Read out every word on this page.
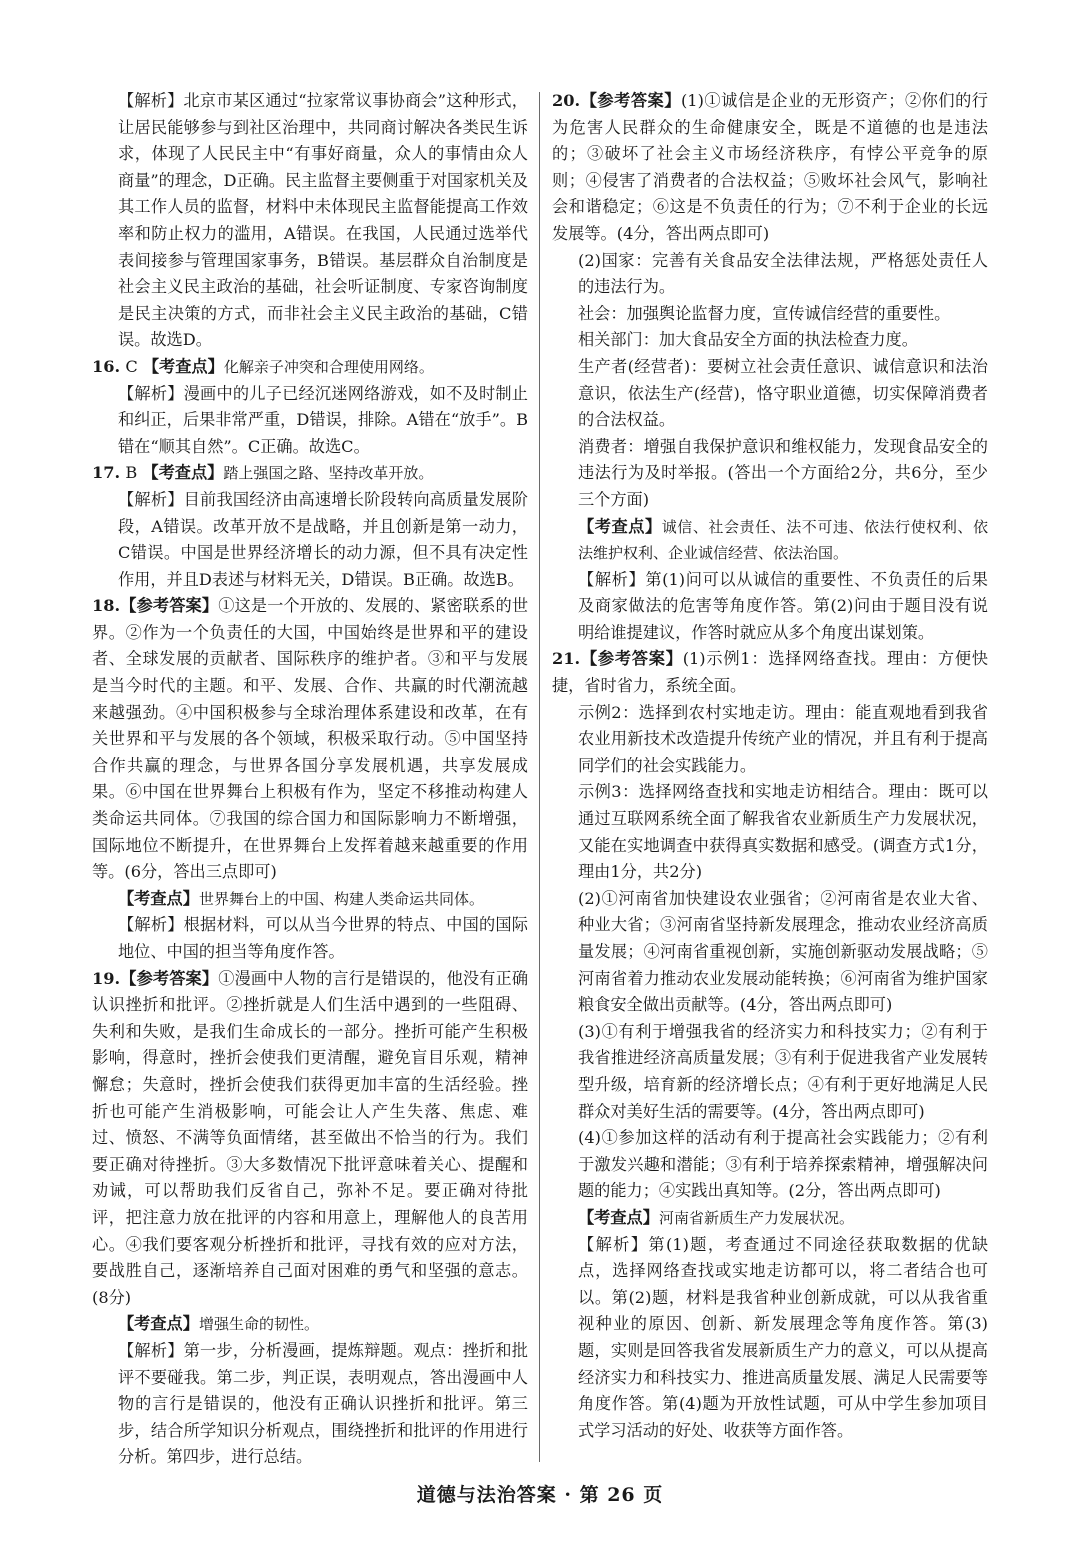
【解析】北京市某区通过“拉家常议事协商会”这种形式，让居民能够参与到社区治理中，共同商讨解决各类民生诉求，体现了人民民主中“有事好商量，众人的事情由众人商量”的理念，D正确。民主监督主要侧重于对国家机关及其工作人员的监督，材料中未体现民主监督能提高工作效率和防止权力的滥用，A错误。在我国，人民通过选举代表间接参与管理国家事务，B错误。基层群众自治制度是社会主义民主政治的基础，社会听证制度、专家咨询制度是民主决策的方式，而非社会主义民主政治的基础，C错误。故选D。

16. C 【考查点】化解亲子冲突和合理使用网络。

【解析】漫画中的儿子已经沉迷网络游戏，如不及时制止和纠正，后果非常严重，D错误，排除。A错在“放手”。B错在“顺其自然”。C正确。故选C。

17. B 【考查点】踏上强国之路、坚持改革开放。

【解析】目前我国经济由高速增长阶段转向高质量发展阶段，A错误。改革开放不是战略，并且创新是第一动力，C错误。中国是世界经济增长的动力源，但不具有决定性作用，并且D表述与材料无关，D错误。B正确。故选B。

18.【参考答案】①这是一个开放的、发展的、紧密联系的世界。②作为一个负责任的大国，中国始终是世界和平的建设者、全球发展的贡献者、国际秩序的维护者。③和平与发展是当今时代的主题。和平、发展、合作、共赢的时代潮流越来越强劲。④中国积极参与全球治理体系建设和改革，在有关世界和平与发展的各个领域，积极采取行动。⑤中国坚持合作共赢的理念，与世界各国分享发展机遇，共享发展成果。⑥中国在世界舞台上积极有作为，坚定不移推动构建人类命运共同体。⑦我国的综合国力和国际影响力不断增强，国际地位不断提升，在世界舞台上发挥着越来越重要的作用等。(6分，答出三点即可)

【考查点】世界舞台上的中国、构建人类命运共同体。

【解析】根据材料，可以从当今世界的特点、中国的国际地位、中国的担当等角度作答。

19.【参考答案】①漫画中人物的言行是错误的，他没有正确认识挫折和批评。②挫折就是人们生活中遇到的一些阻碍、失利和失败，是我们生命成长的一部分。挫折可能产生积极影响，得意时，挫折会使我们更清醒，避免盲目乐观，精神懈怠；失意时，挫折会使我们获得更加丰富的生活经验。挫折也可能产生消极影响，可能会让人产生失落、焦虑、难过、愤怒、不满等负面情绪，甚至做出不恰当的行为。我们要正确对待挫折。③大多数情况下批评意味着关心、提醒和劝诫，可以帮助我们反省自己，弥补不足。要正确对待批评，把注意力放在批评的内容和用意上，理解他人的良苦用心。④我们要客观分析挫折和批评，寻找有效的应对方法，要战胜自己，逐渐培养自己面对困难的勇气和坚强的意志。(8分)

【考查点】增强生命的韧性。

【解析】第一步，分析漫画，提炼辩题。观点：挫折和批评不要碰我。第二步，判正误，表明观点，答出漫画中人物的言行是错误的，他没有正确认识挫折和批评。第三步，结合所学知识分析观点，围绕挫折和批评的作用进行分析。第四步，进行总结。

20.【参考答案】(1)①诚信是企业的无形资产；②你们的行为危害人民群众的生命健康安全，既是不道德的也是违法的；③破坏了社会主义市场经济秩序，有悖公平竞争的原则；④侵害了消费者的合法权益；⑤败坏社会风气，影响社会和谐稳定；⑥这是不负责任的行为；⑦不利于企业的长远发展等。(4分，答出两点即可)

(2)国家：完善有关食品安全法律法规，严格惩处责任人的违法行为。

社会：加强舆论监督力度，宣传诚信经营的重要性。

相关部门：加大食品安全方面的执法检查力度。

生产者(经营者)：要树立社会责任意识、诚信意识和法治意识，依法生产(经营)，恪守职业道德，切实保障消费者的合法权益。

消费者：增强自我保护意识和维权能力，发现食品安全的违法行为及时举报。(答出一个方面给2分，共6分，至少三个方面)

【考查点】诚信、社会责任、法不可违、依法行使权利、依法维护权利、企业诚信经营、依法治国。

【解析】第(1)问可以从诚信的重要性、不负责任的后果及商家做法的危害等角度作答。第(2)问由于题目没有说明给谁提建议，作答时就应从多个角度出谋划策。

21.【参考答案】(1)示例1：选择网络查找。理由：方便快捷，省时省力，系统全面。

示例2：选择到农村实地走访。理由：能直观地看到我省农业用新技术改造提升传统产业的情况，并且有利于提高同学们的社会实践能力。

示例3：选择网络查找和实地走访相结合。理由：既可以通过互联网系统全面了解我省农业新质生产力发展状况，又能在实地调查中获得真实数据和感受。(调查方式1分，理由1分，共2分)

(2)①河南省加快建设农业强省；②河南省是农业大省、种业大省；③河南省坚持新发展理念，推动农业经济高质量发展；④河南省重视创新，实施创新驱动发展战略；⑤河南省着力推动农业发展动能转换；⑥河南省为维护国家粮食安全做出贡献等。(4分，答出两点即可)

(3)①有利于增强我省的经济实力和科技实力；②有利于我省推进经济高质量发展；③有利于促进我省产业发展转型升级，培育新的经济增长点；④有利于更好地满足人民群众对美好生活的需要等。(4分，答出两点即可)

(4)①参加这样的活动有利于提高社会实践能力；②有利于激发兴趣和潜能；③有利于培养探索精神，增强解决问题的能力；④实践出真知等。(2分，答出两点即可)

【考查点】河南省新质生产力发展状况。

【解析】第(1)题，考查通过不同途径获取数据的优缺点，选择网络查找或实地走访都可以，将二者结合也可以。第(2)题，材料是我省种业创新成就，可以从我省重视种业的原因、创新、新发展理念等角度作答。第(3)题，实则是回答我省发展新质生产力的意义，可以从提高经济实力和科技实力、推进高质量发展、满足人民需要等角度作答。第(4)题为开放性试题，可从中学生参加项目式学习活动的好处、收获等方面作答。

道德与法治答案 · 第 26 页
